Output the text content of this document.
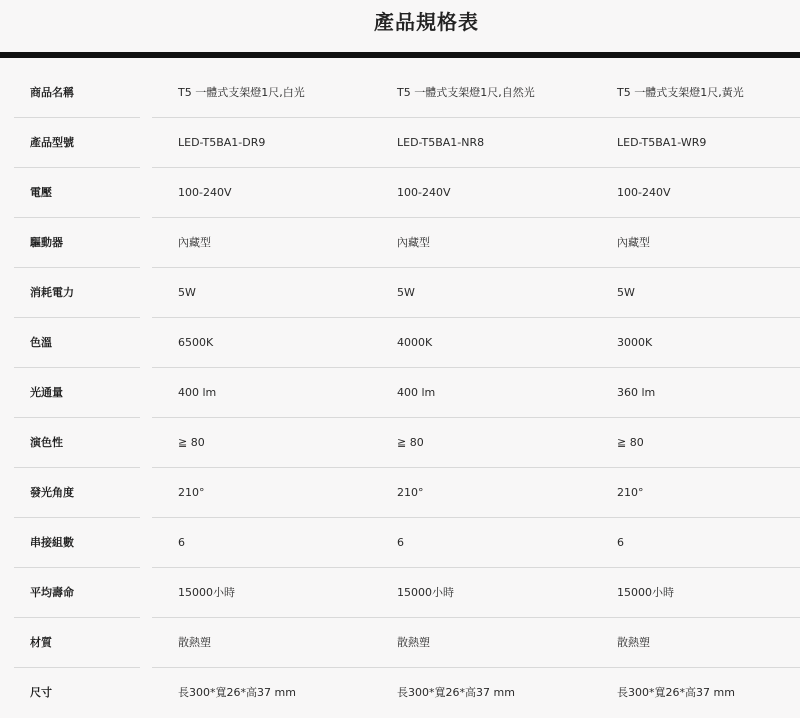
產品規格表
商品名稱	T5 一體式支架燈1尺,白光	T5 一體式支架燈1尺,自然光	T5 一體式支架燈1尺,黃光
產品型號	LED-T5BA1-DR9	LED-T5BA1-NR8	LED-T5BA1-WR9
電壓	100-240V	100-240V	100-240V
驅動器	內藏型	內藏型	內藏型
消耗電力	5W	5W	5W
色溫	6500K	4000K	3000K
光通量	400 lm	400 lm	360 lm
演色性	≧ 80	≧ 80	≧ 80
發光角度	210°	210°	210°
串接組數	6	6	6
平均壽命	15000小時	15000小時	15000小時
材質	散熱塑	散熱塑	散熱塑
尺寸	長300*寬26*高37 mm	長300*寬26*高37 mm	長300*寬26*高37 mm
